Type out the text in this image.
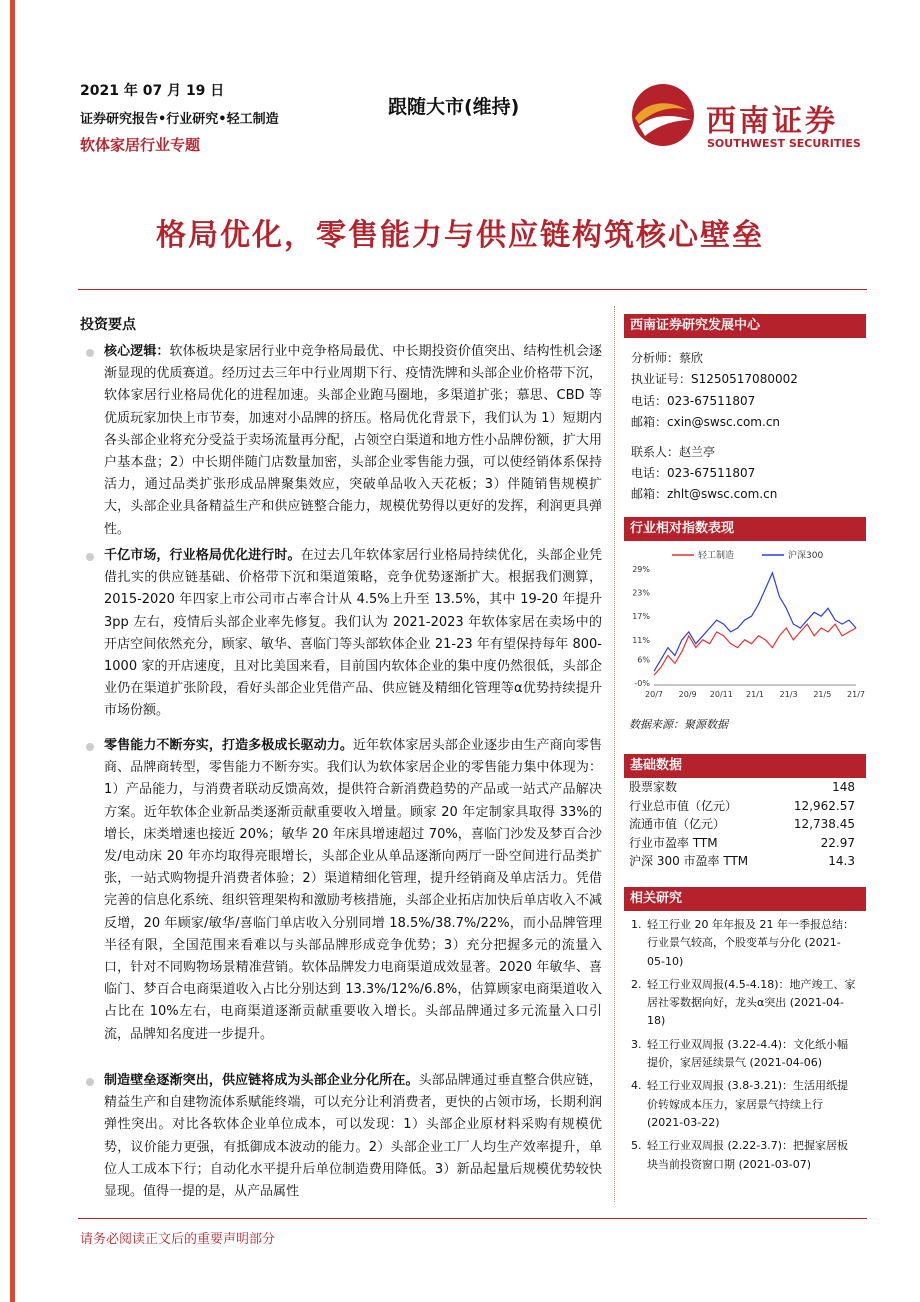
2021 年 07 月 19 日
证券研究报告•行业研究•轻工制造
软体家居行业专题
跟随大市(维持)	西南证券
SOUTHWEST SECURITIES
格局优化，零售能力与供应链构筑核心壁垒
投资要点
核心逻辑：软体板块是家居行业中竞争格局最优、中长期投资价值突出、结构性机会逐渐显现的优质赛道。经历过去三年中行业周期下行、疫情洗牌和头部企业价格带下沉，软体家居行业格局优化的进程加速。头部企业跑马圈地，多渠道扩张；慕思、CBD 等优质玩家加快上市节奏，加速对小品牌的挤压。格局优化背景下，我们认为 1）短期内各头部企业将充分受益于卖场流量再分配，占领空白渠道和地方性小品牌份额，扩大用户基本盘；2）中长期伴随门店数量加密，头部企业零售能力强，可以使经销体系保持活力，通过品类扩张形成品牌聚集效应，突破单品收入天花板；3）伴随销售规模扩大，头部企业具备精益生产和供应链整合能力，规模优势得以更好的发挥，利润更具弹性。
千亿市场，行业格局优化进行时。在过去几年软体家居行业格局持续优化，头部企业凭借扎实的供应链基础、价格带下沉和渠道策略，竞争优势逐渐扩大。根据我们测算，2015-2020 年四家上市公司市占率合计从 4.5%上升至 13.5%，其中 19-20 年提升 3pp 左右，疫情后头部企业率先修复。我们认为 2021-2023 年软体家居在卖场中的开店空间依然充分，顾家、敏华、喜临门等头部软体企业 21-23 年有望保持每年 800-1000 家的开店速度，且对比美国来看，目前国内软体企业的集中度仍然很低，头部企业仍在渠道扩张阶段，看好头部企业凭借产品、供应链及精细化管理等α优势持续提升市场份额。
零售能力不断夯实，打造多极成长驱动力。近年软体家居头部企业逐步由生产商向零售商、品牌商转型，零售能力不断夯实。我们认为软体家居企业的零售能力集中体现为：1）产品能力，与消费者联动反馈高效，提供符合新消费趋势的产品或一站式产品解决方案。近年软体企业新品类逐渐贡献重要收入增量。顾家 20 年定制家具取得 33%的增长，床类增速也接近 20%；敏华 20 年床具增速超过 70%，喜临门沙发及梦百合沙发/电动床 20 年亦均取得亮眼增长，头部企业从单品逐渐向两厅一卧空间进行品类扩张，一站式购物提升消费者体验；2）渠道精细化管理，提升经销商及单店活力。凭借完善的信息化系统、组织管理架构和激励考核措施，头部企业拓店加快后单店收入不减反增，20 年顾家/敏华/喜临门单店收入分别同增 18.5%/38.7%/22%，而小品牌管理半径有限，全国范围来看难以与头部品牌形成竞争优势；3）充分把握多元的流量入口，针对不同购物场景精准营销。软体品牌发力电商渠道成效显著。2020 年敏华、喜临门、梦百合电商渠道收入占比分别达到 13.3%/12%/6.8%，估算顾家电商渠道收入占比在 10%左右，电商渠道逐渐贡献重要收入增长。头部品牌通过多元流量入口引流，品牌知名度进一步提升。
制造壁垒逐渐突出，供应链将成为头部企业分化所在。头部品牌通过垂直整合供应链，精益生产和自建物流体系赋能终端，可以充分让利消费者，更快的占领市场，长期利润弹性突出。对比各软体企业单位成本，可以发现：1）头部企业原材料采购有规模优势，议价能力更强，有抵御成本波动的能力。2）头部企业工厂人均生产效率提升，单位人工成本下行；自动化水平提升后单位制造费用降低。3）新品起量后规模优势较快显现。值得一提的是，从产品属性
西南证券研究发展中心
分析师：蔡欣
执业证号：S1250517080002
电话：023-67511807
邮箱：cxin@swsc.com.cn
联系人：赵兰亭
电话：023-67511807
邮箱：zhlt@swsc.com.cn
行业相对指数表现
29%
23%
17%
11%
6%
-0%
20/7 20/9 20/11 21/1 21/3 21/5 21/7
轻工制造	沪深300
数据来源：聚源数据
基础数据
股票家数	148
行业总市值（亿元）	12,962.57
流通市值（亿元）	12,738.45
行业市盈率 TTM	22.97
沪深 300 市盈率 TTM	14.3
相关研究
1. 轻工行业 20 年年报及 21 年一季报总结：行业景气较高，个股变革与分化 (2021-05-10)
2. 轻工行业双周报(4.5-4.18)：地产竣工、家居社零数据向好，龙头α突出 (2021-04-18)
3. 轻工行业双周报 (3.22-4.4)：文化纸小幅提价，家居延续景气 (2021-04-06)
4. 轻工行业双周报 (3.8-3.21)：生活用纸提价转嫁成本压力，家居景气持续上行 (2021-03-22)
5. 轻工行业双周报 (2.22-3.7)：把握家居板块当前投资窗口期 (2021-03-07)
请务必阅读正文后的重要声明部分
